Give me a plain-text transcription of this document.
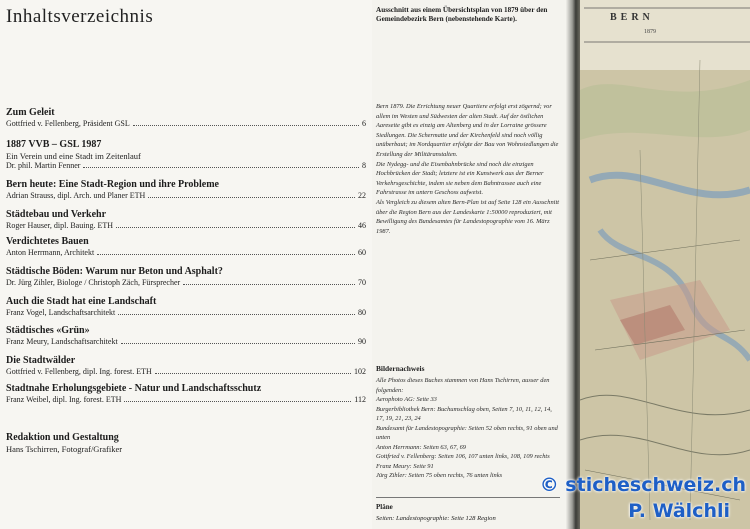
Inhaltsverzeichnis
Zum Geleit
Gottfried v. Fellenberg, Präsident GSL	6
1887 VVB – GSL 1987
Ein Verein und eine Stadt im Zeitenlauf
Dr. phil. Martin Fenner	8
Bern heute: Eine Stadt-Region und ihre Probleme
Adrian Strauss, dipl. Arch. und Planer ETH	22
Städtebau und Verkehr
Roger Hauser, dipl. Bauing. ETH	46
Verdichtetes Bauen
Anton Herrmann, Architekt	60
Städtische Böden: Warum nur Beton und Asphalt?
Dr. Jürg Zihler, Biologe / Christoph Zäch, Fürsprecher	70
Auch die Stadt hat eine Landschaft
Franz Vogel, Landschaftsarchitekt	80
Städtisches «Grün»
Franz Meury, Landschaftsarchitekt	90
Die Stadtwälder
Gottfried v. Fellenberg, dipl. Ing. forest. ETH	102
Stadtnahe Erholungsgebiete - Natur und Landschaftsschutz
Franz Weibel, dipl. Ing. forest. ETH	112
Redaktion und Gestaltung
Hans Tschirren, Fotograf/Grafiker
Ausschnitt aus einem Übersichtsplan von 1879 über den Gemeindebezirk Bern (nebenstehende Karte).

Bern 1879. Die Errichtung neuer Quartiere erfolgt erst zögernd; vor allem im Westen und Südwesten der alten Stadt. Auf der östlichen Aareseite gibt es einzig am Altenberg und in der Lorraine grössere Siedlungen. Die Schermatte und der Kirchenfeld sind noch völlig unüberbaut; im Nordquartier erfolgte der Bau von Wohnsiedlungen die Erstellung der Militäranstalten.

Die Nydegg- und die Eisenbahnbrücke sind noch die einzigen Hochbrücken der Stadt; letztere ist ein Kunstwerk aus der Berner Verkehrsgeschichte, indem sie neben dem Bahntrassee auch eine Fahrstrasse im untern Geschoss aufweist.

Als Vergleich zu diesem alten Bern-Plan ist auf Seite 128 ein Ausschnitt über die Region Bern aus der Landeskarte 1:50000 reproduziert, mit Bewilligung des Bundesamtes für Landestopographie vom 16. März 1987.

Bildernachweis

Alle Photos dieses Buches stammen von Hans Tschirren, ausser den folgenden:

Aerophoto AG: Seite 33

Burgerbibliothek Bern: Buchumschlag oben, Seiten 7, 10, 11, 12, 14, 17, 19, 21, 23, 24

Bundesamt für Landestopographie: Seiten 52 oben rechts, 91 oben und unten

Anton Herrmann: Seiten 63, 67, 69

Gottfried v. Fellenberg: Seiten 106, 107 unten links, 108, 109 rechts

Franz Meury: Seite 91

Jürg Zihler: Seiten 75 oben rechts, 76 unten links

Pläne
Seiten: Landestopographie: Seite 128 Region
BERN
1879
© sticheschweiz.ch
P. Wälchli
